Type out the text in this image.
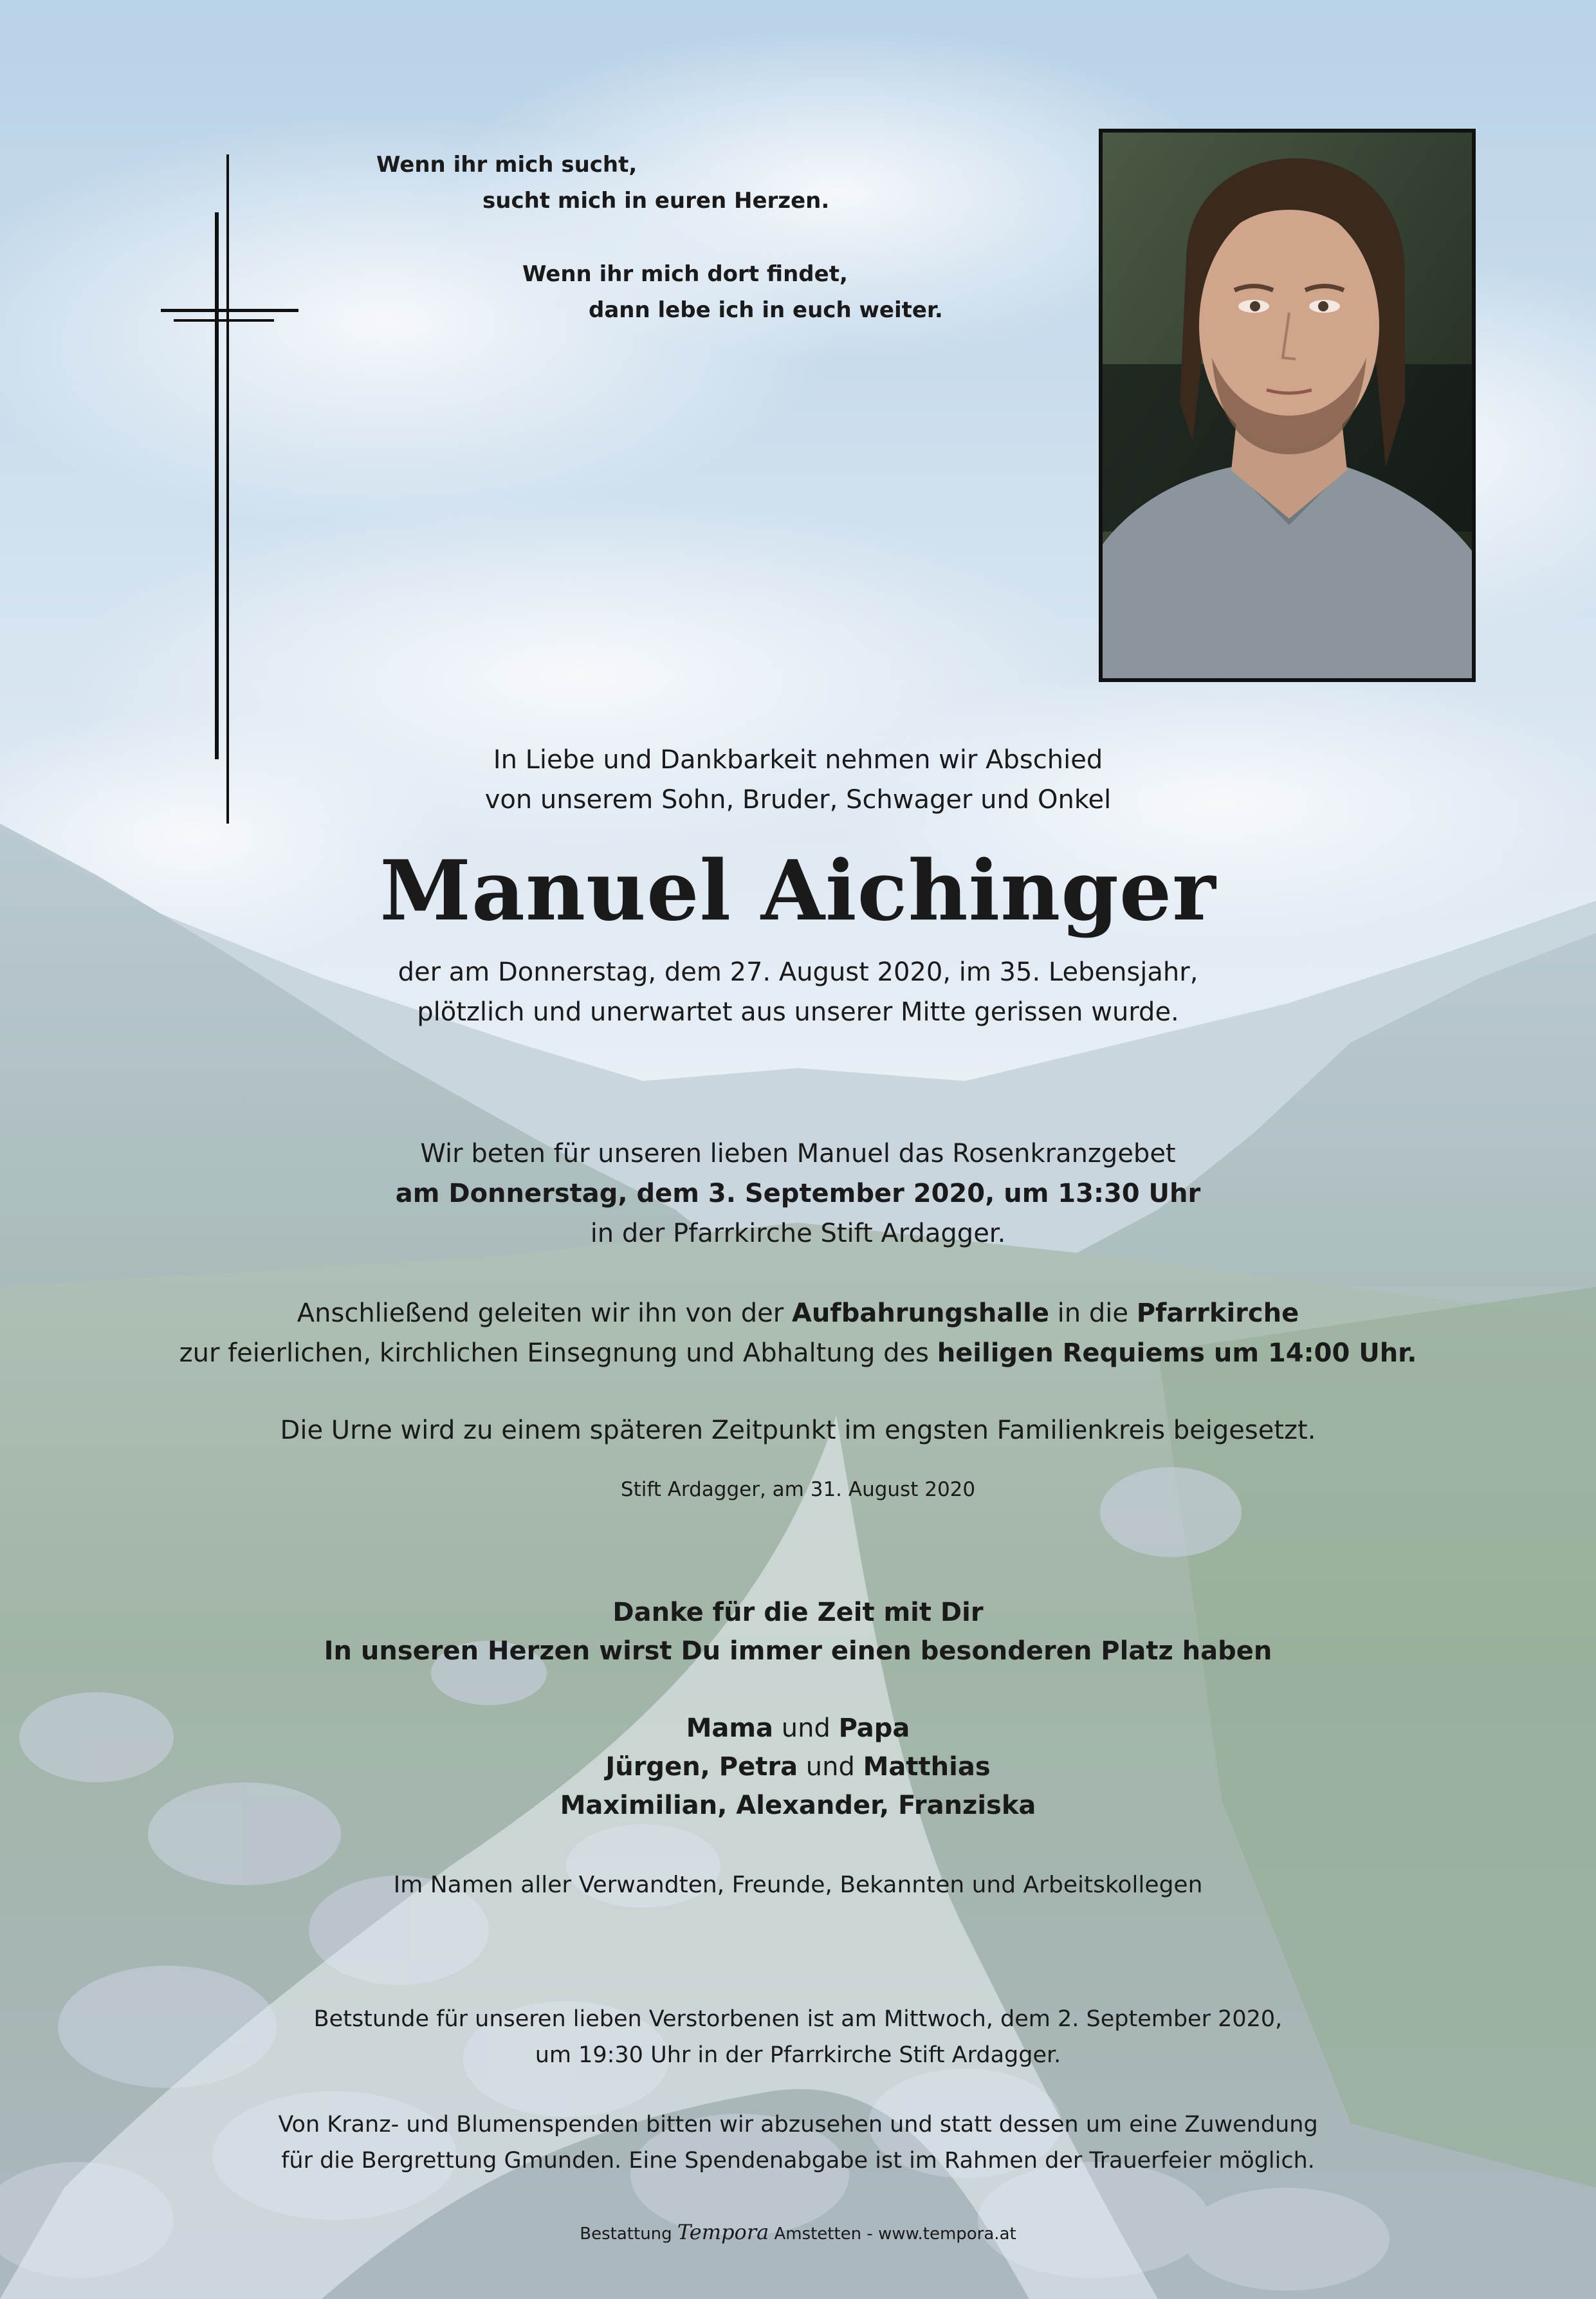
Wenn ihr mich sucht,
sucht mich in euren Herzen.
Wenn ihr mich dort findet,
dann lebe ich in euch weiter.
In Liebe und Dankbarkeit nehmen wir Abschied
von unserem Sohn, Bruder, Schwager und Onkel
Manuel Aichinger
der am Donnerstag, dem 27. August 2020, im 35. Lebensjahr,
plötzlich und unerwartet aus unserer Mitte gerissen wurde.
Wir beten für unseren lieben Manuel das Rosenkranzgebet
am Donnerstag, dem 3. September 2020, um 13:30 Uhr
in der Pfarrkirche Stift Ardagger.
Anschließend geleiten wir ihn von der Aufbahrungshalle in die Pfarrkirche
zur feierlichen, kirchlichen Einsegnung und Abhaltung des heiligen Requiems um 14:00 Uhr.
Die Urne wird zu einem späteren Zeitpunkt im engsten Familienkreis beigesetzt.
Stift Ardagger, am 31. August 2020
Danke für die Zeit mit Dir
In unseren Herzen wirst Du immer einen besonderen Platz haben
Mama und Papa
Jürgen, Petra und Matthias
Maximilian, Alexander, Franziska
Im Namen aller Verwandten, Freunde, Bekannten und Arbeitskollegen
Betstunde für unseren lieben Verstorbenen ist am Mittwoch, dem 2. September 2020,
um 19:30 Uhr in der Pfarrkirche Stift Ardagger.
Von Kranz- und Blumenspenden bitten wir abzusehen und statt dessen um eine Zuwendung
für die Bergrettung Gmunden. Eine Spendenabgabe ist im Rahmen der Trauerfeier möglich.
Bestattung Tempora Amstetten - www.tempora.at
